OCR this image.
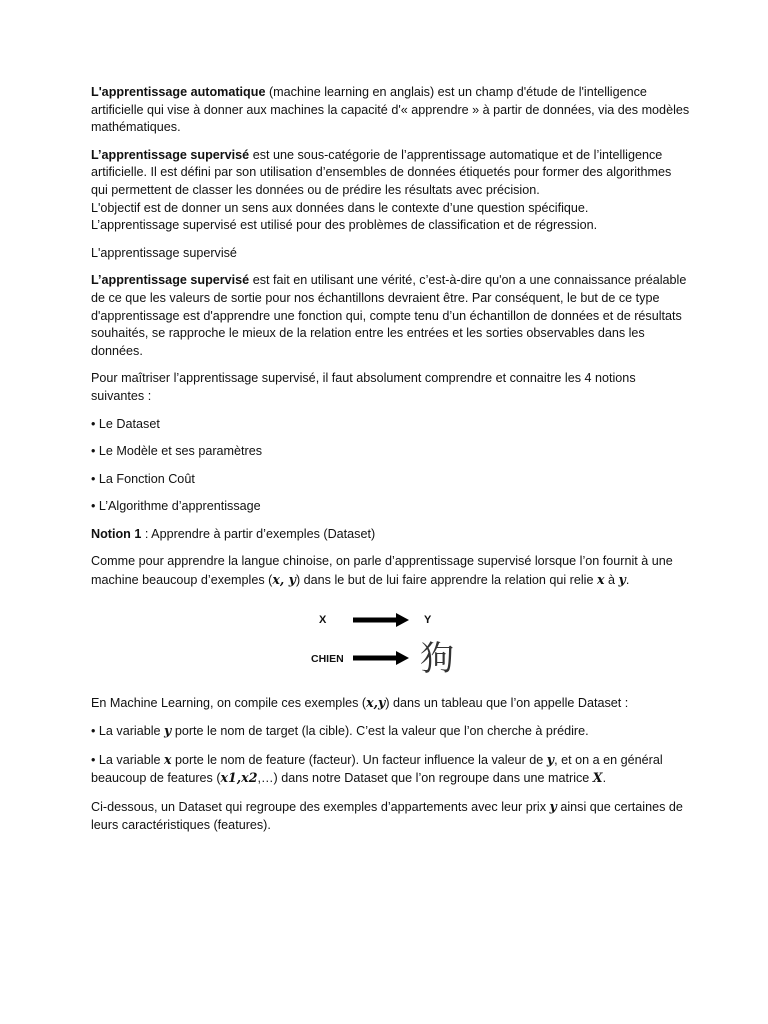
L'apprentissage automatique (machine learning en anglais) est un champ d'étude de l'intelligence artificielle qui vise à donner aux machines la capacité d'« apprendre » à partir de données, via des modèles mathématiques.

L’apprentissage supervisé est une sous-catégorie de l’apprentissage automatique et de l’intelligence artificielle. Il est défini par son utilisation d’ensembles de données étiquetés pour former des algorithmes qui permettent de classer les données ou de prédire les résultats avec précision.
L'objectif est de donner un sens aux données dans le contexte d’une question spécifique.
L’apprentissage supervisé est utilisé pour des problèmes de classification et de régression.

L'apprentissage supervisé

L’apprentissage supervisé est fait en utilisant une vérité, c’est-à-dire qu'on a une connaissance préalable de ce que les valeurs de sortie pour nos échantillons devraient être. Par conséquent, le but de ce type d'apprentissage est d'apprendre une fonction qui, compte tenu d’un échantillon de données et de résultats souhaités, se rapproche le mieux de la relation entre les entrées et les sorties observables dans les données.

Pour maîtriser l’apprentissage supervisé, il faut absolument comprendre et connaitre les 4 notions suivantes :

• Le Dataset

• Le Modèle et ses paramètres

• La Fonction Coût

• L’Algorithme d’apprentissage

Notion 1 : Apprendre à partir d’exemples (Dataset)

Comme pour apprendre la langue chinoise, on parle d’apprentissage supervisé lorsque l’on fournit à une machine beaucoup d’exemples (x, y) dans le but de lui faire apprendre la relation qui relie x à y.

X	Y
CHIEN 狗

En Machine Learning, on compile ces exemples (x,y) dans un tableau que l’on appelle Dataset :

• La variable y porte le nom de target (la cible). C’est la valeur que l’on cherche à prédire.

• La variable x porte le nom de feature (facteur). Un facteur influence la valeur de y, et on a en général beaucoup de features (x1,x2,…) dans notre Dataset que l’on regroupe dans une matrice X.

Ci-dessous, un Dataset qui regroupe des exemples d’appartements avec leur prix y ainsi que certaines de leurs caractéristiques (features).
